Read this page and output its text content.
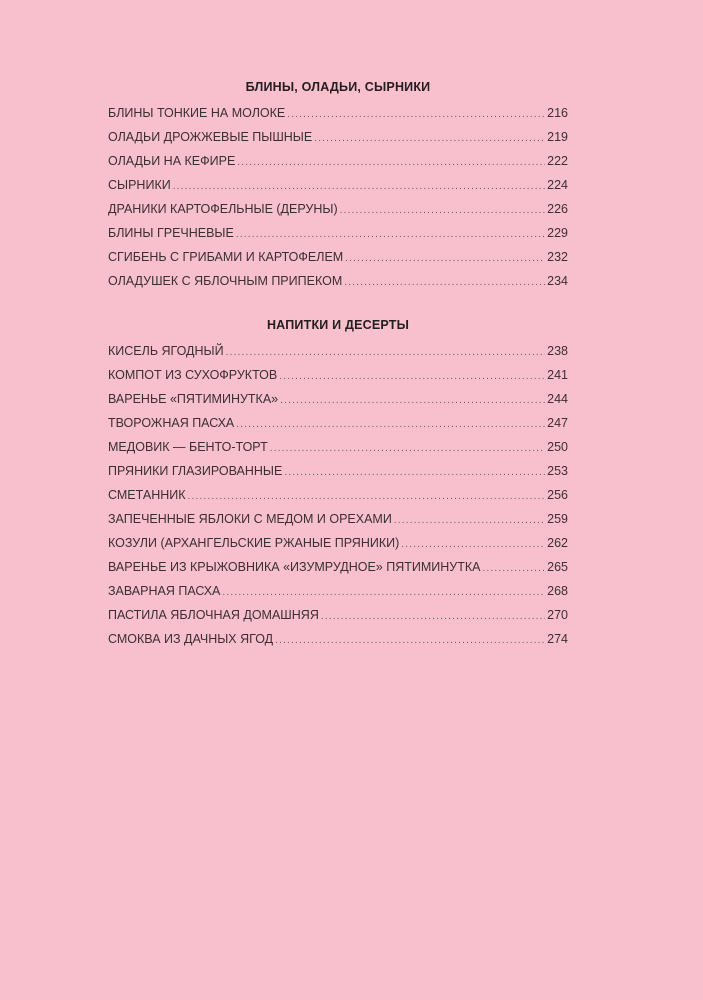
БЛИНЫ, ОЛАДЬИ, СЫРНИКИ
БЛИНЫ ТОНКИЕ НА МОЛОКЕ .....	216
ОЛАДЬИ ДРОЖЖЕВЫЕ ПЫШНЫЕ .....	219
ОЛАДЬИ НА КЕФИРЕ .....	222
СЫРНИКИ .....	224
ДРАНИКИ КАРТОФЕЛЬНЫЕ (ДЕРУНЫ) .....	226
БЛИНЫ ГРЕЧНЕВЫЕ .....	229
СГИБЕНЬ С ГРИБАМИ И КАРТОФЕЛЕМ .....	232
ОЛАДУШЕК С ЯБЛОЧНЫМ ПРИПЕКОМ .....	234
НАПИТКИ И ДЕСЕРТЫ
КИСЕЛЬ ЯГОДНЫЙ .....	238
КОМПОТ ИЗ СУХОФРУКТОВ .....	241
ВАРЕНЬЕ «ПЯТИМИНУТКА» .....	244
ТВОРОЖНАЯ ПАСХА .....	247
МЕДОВИК — БЕНТО-ТОРТ .....	250
ПРЯНИКИ ГЛАЗИРОВАННЫЕ .....	253
СМЕТАННИК .....	256
ЗАПЕЧЕННЫЕ ЯБЛОКИ С МЕДОМ И ОРЕХАМИ .....	259
КОЗУЛИ (АРХАНГЕЛЬСКИЕ РЖАНЫЕ ПРЯНИКИ) .....	262
ВАРЕНЬЕ ИЗ КРЫЖОВНИКА «ИЗУМРУДНОЕ» ПЯТИМИНУТКА .....	265
ЗАВАРНАЯ ПАСХА .....	268
ПАСТИЛА ЯБЛОЧНАЯ ДОМАШНЯЯ .....	270
СМОКВА ИЗ ДАЧНЫХ ЯГОД .....	274
